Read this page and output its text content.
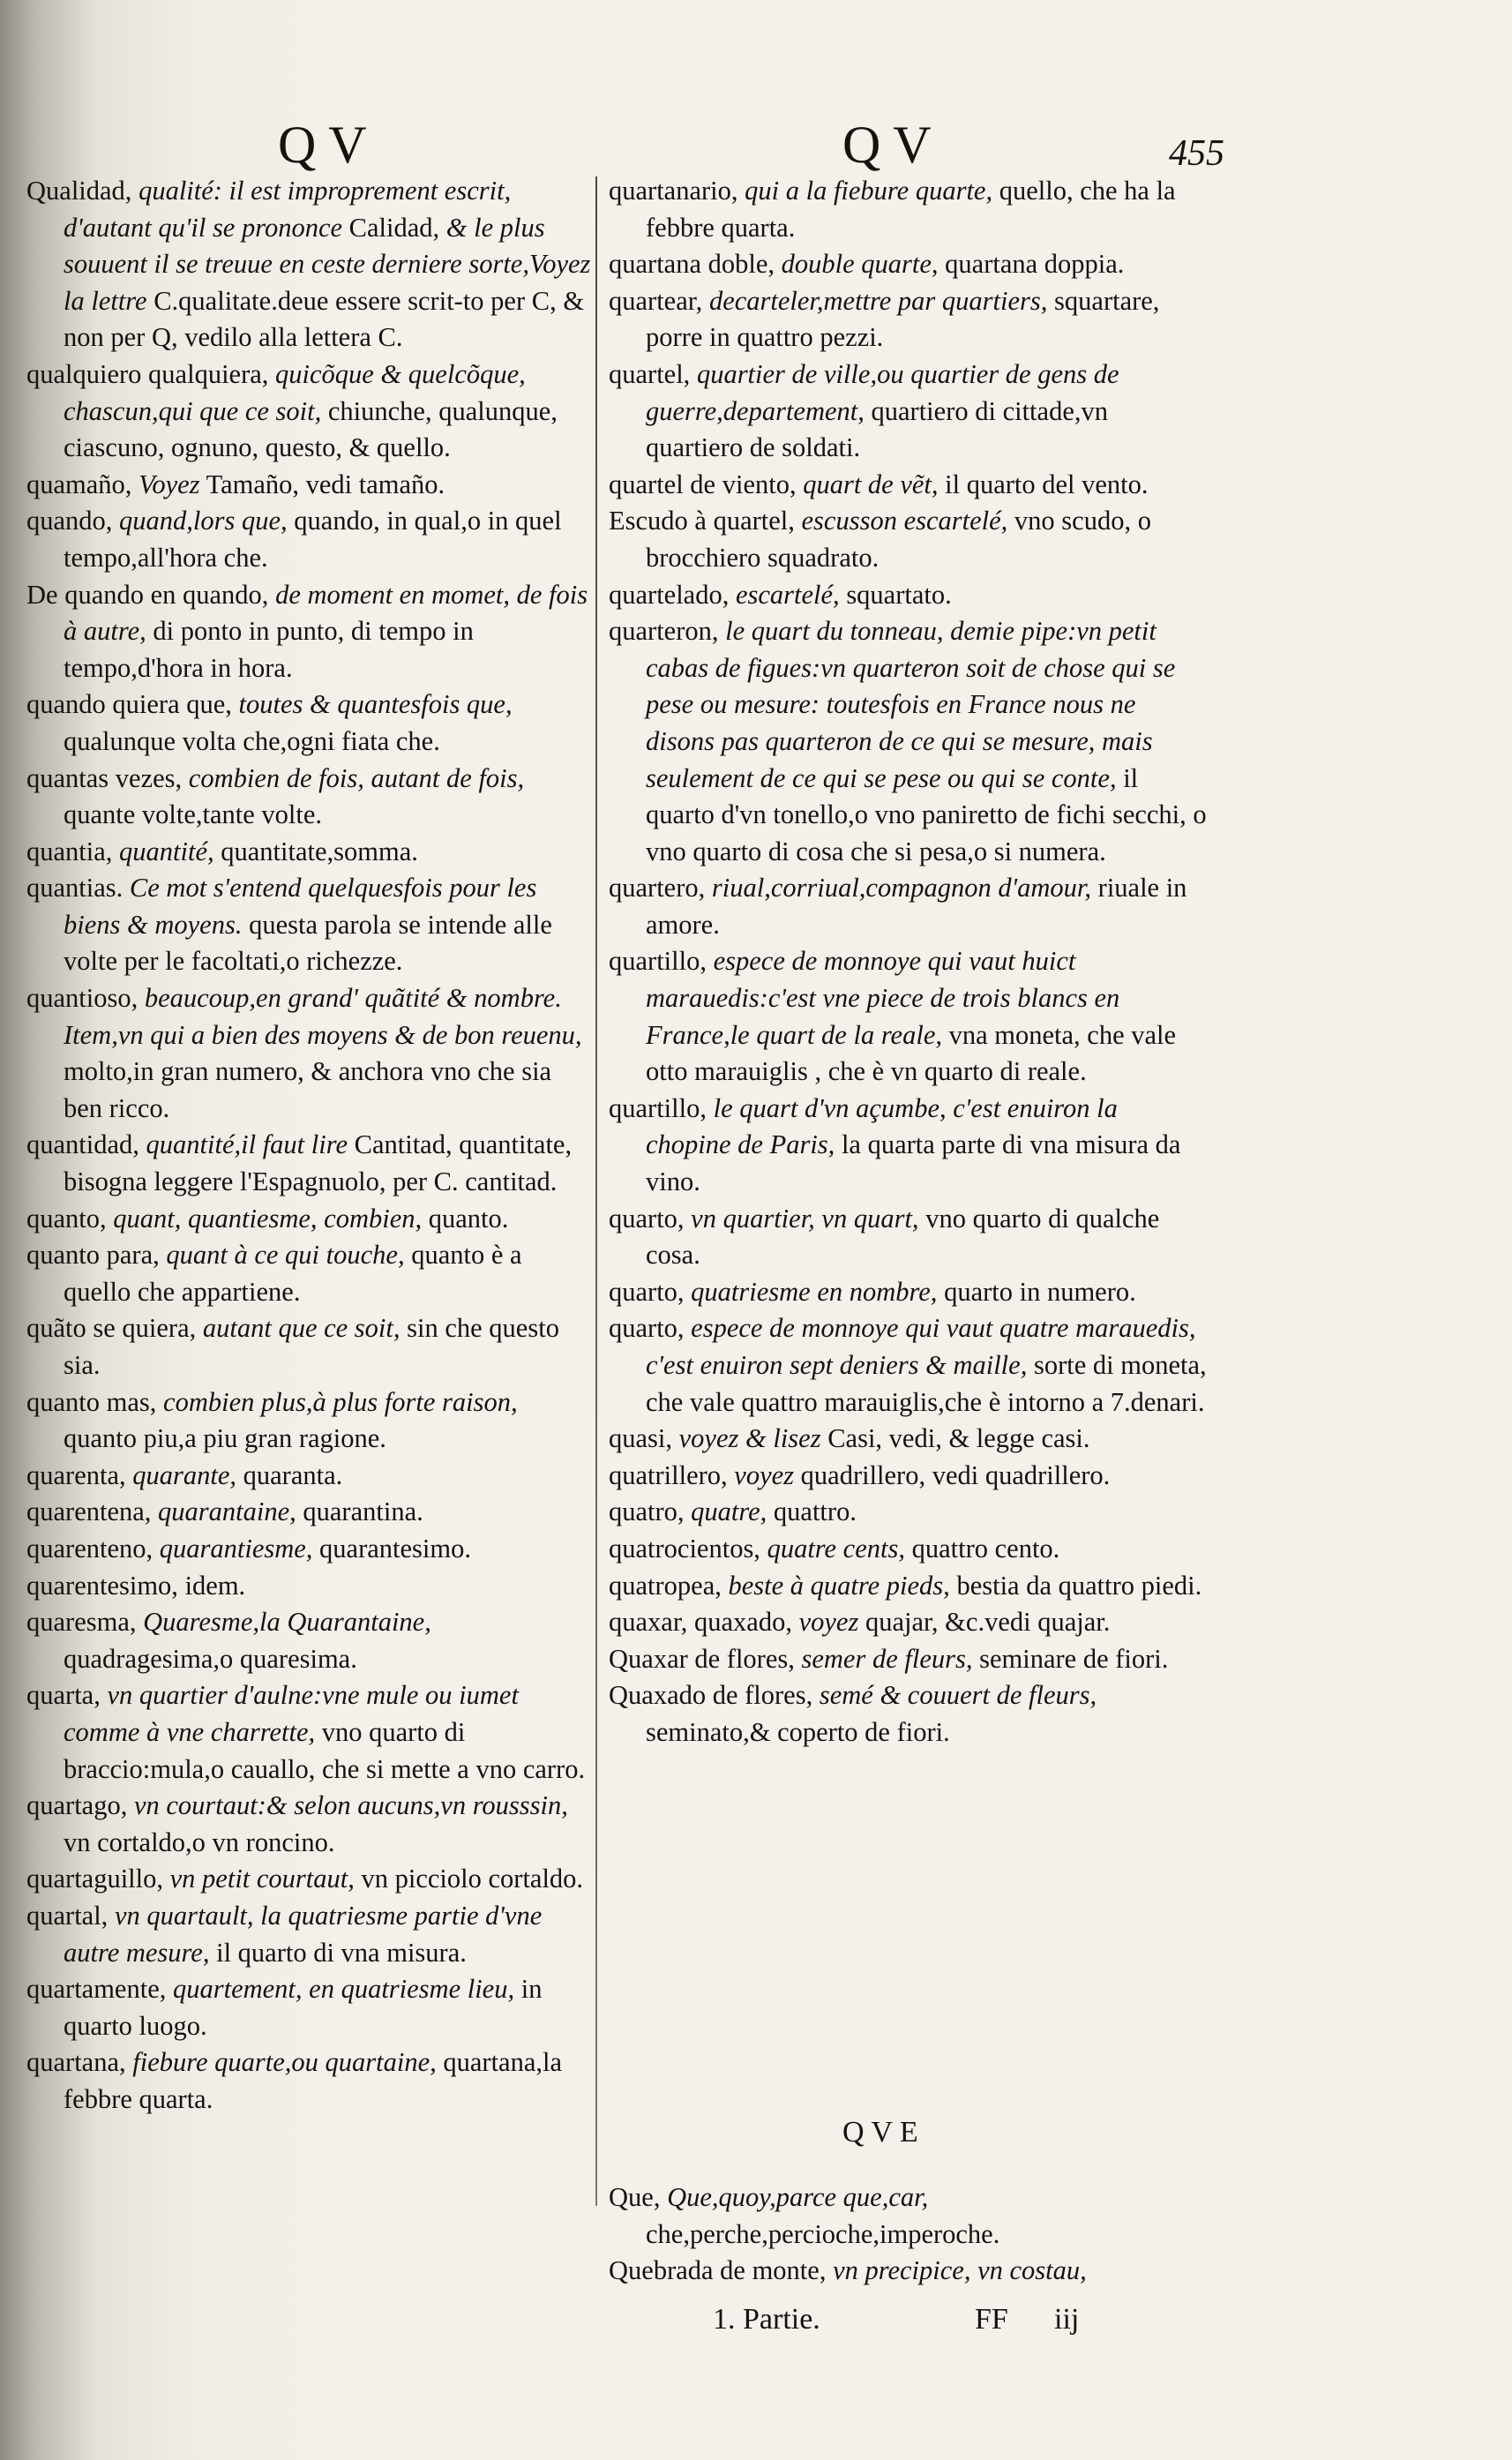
Q V	Q V	455
Qualidad, qualité: il est improprement escrit, d'autant qu'il se prononce Calidad, & le plus souuent il se treuue en ceste derniere sorte,Voyez la lettre C.qualitate.deue essere scrit-to per C, & non per Q, vedilo alla lettera C.
qualquiero qualquiera, quicõque & quelcõque, chascun,qui que ce soit, chiunche, qualunque, ciascuno, ognuno, questo, & quello.
quamaño, Voyez Tamaño, vedi tamaño.
quando, quand,lors que, quando, in qual,o in quel tempo,all'hora che.
De quando en quando, de moment en momet, de fois à autre, di ponto in punto, di tempo in tempo,d'hora in hora.
quando quiera que, toutes & quantesfois que, qualunque volta che,ogni fiata che.
quantas vezes, combien de fois, autant de fois, quante volte,tante volte.
quantia, quantité, quantitate,somma.
quantias. Ce mot s'entend quelquesfois pour les biens & moyens. questa parola se intende alle volte per le facoltati,o richezze.
quantioso, beaucoup,en grand' quãtité & nombre. Item,vn qui a bien des moyens & de bon reuenu, molto,in gran numero, & anchora vno che sia ben ricco.
quantidad, quantité,il faut lire Cantitad, quantitate, bisogna leggere l'Espagnuolo, per C. cantitad.
quanto, quant, quantiesme, combien, quanto.
quanto para, quant à ce qui touche, quanto è a quello che appartiene.
quãto se quiera, autant que ce soit, sin che questo sia.
quanto mas, combien plus,à plus forte raison, quanto piu,a piu gran ragione.
quarenta, quarante, quaranta.
quarentena, quarantaine, quarantina.
quarenteno, quarantiesme, quarantesimo.
quarentesimo, idem.
quaresma, Quaresme,la Quarantaine, quadragesima,o quaresima.
quarta, vn quartier d'aulne:vne mule ou iumet comme à vne charrette, vno quarto di braccio:mula,o cauallo, che si mette a vno carro.
quartago, vn courtaut:& selon aucuns,vn rousssin, vn cortaldo,o vn roncino.
quartaguillo, vn petit courtaut, vn picciolo cortaldo.
quartal, vn quartault, la quatriesme partie d'vne autre mesure, il quarto di vna misura.
quartamente, quartement, en quatriesme lieu, in quarto luogo.
quartana, fiebure quarte,ou quartaine, quartana,la febbre quarta.
quartanario, qui a la fiebure quarte, quello, che ha la febbre quarta.
quartana doble, double quarte, quartana doppia.
quartear, decarteler,mettre par quartiers, squartare, porre in quattro pezzi.
quartel, quartier de ville,ou quartier de gens de guerre,departement, quartiero di cittade,vn quartiero de soldati.
quartel de viento, quart de vẽt, il quarto del vento.
Escudo à quartel, escusson escartelé, vno scudo, o brocchiero squadrato.
quartelado, escartelé, squartato.
quarteron, le quart du tonneau, demie pipe:vn petit cabas de figues:vn quarteron soit de chose qui se pese ou mesure: toutesfois en France nous ne disons pas quarteron de ce qui se mesure, mais seulement de ce qui se pese ou qui se conte, il quarto d'vn tonello,o vno paniretto de fichi secchi, o vno quarto di cosa che si pesa,o si numera.
quartero, riual,corriual,compagnon d'amour, riuale in amore.
quartillo, espece de monnoye qui vaut huict marauedis:c'est vne piece de trois blancs en France,le quart de la reale, vna moneta, che vale otto marauiglis , che è vn quarto di reale.
quartillo, le quart d'vn açumbe, c'est enuiron la chopine de Paris, la quarta parte di vna misura da vino.
quarto, vn quartier, vn quart, vno quarto di qualche cosa.
quarto, quatriesme en nombre, quarto in numero.
quarto, espece de monnoye qui vaut quatre marauedis, c'est enuiron sept deniers & maille, sorte di moneta, che vale quattro marauiglis,che è intorno a 7.denari.
quasi, voyez & lisez Casi, vedi, & legge casi.
quatrillero, voyez quadrillero, vedi quadrillero.
quatro, quatre, quattro.
quatrocientos, quatre cents, quattro cento.
quatropea, beste à quatre pieds, bestia da quattro piedi.
quaxar, quaxado, voyez quajar, &c.vedi quajar.
Quaxar de flores, semer de fleurs, seminare de fiori.
Quaxado de flores, semé & couuert de fleurs, seminato,& coperto de fiori.
Q V E
Que, Que,quoy,parce que,car, che,perche,percioche,imperoche.
Quebrada de monte, vn precipice, vn costau,
1. Partie.	FF iij
